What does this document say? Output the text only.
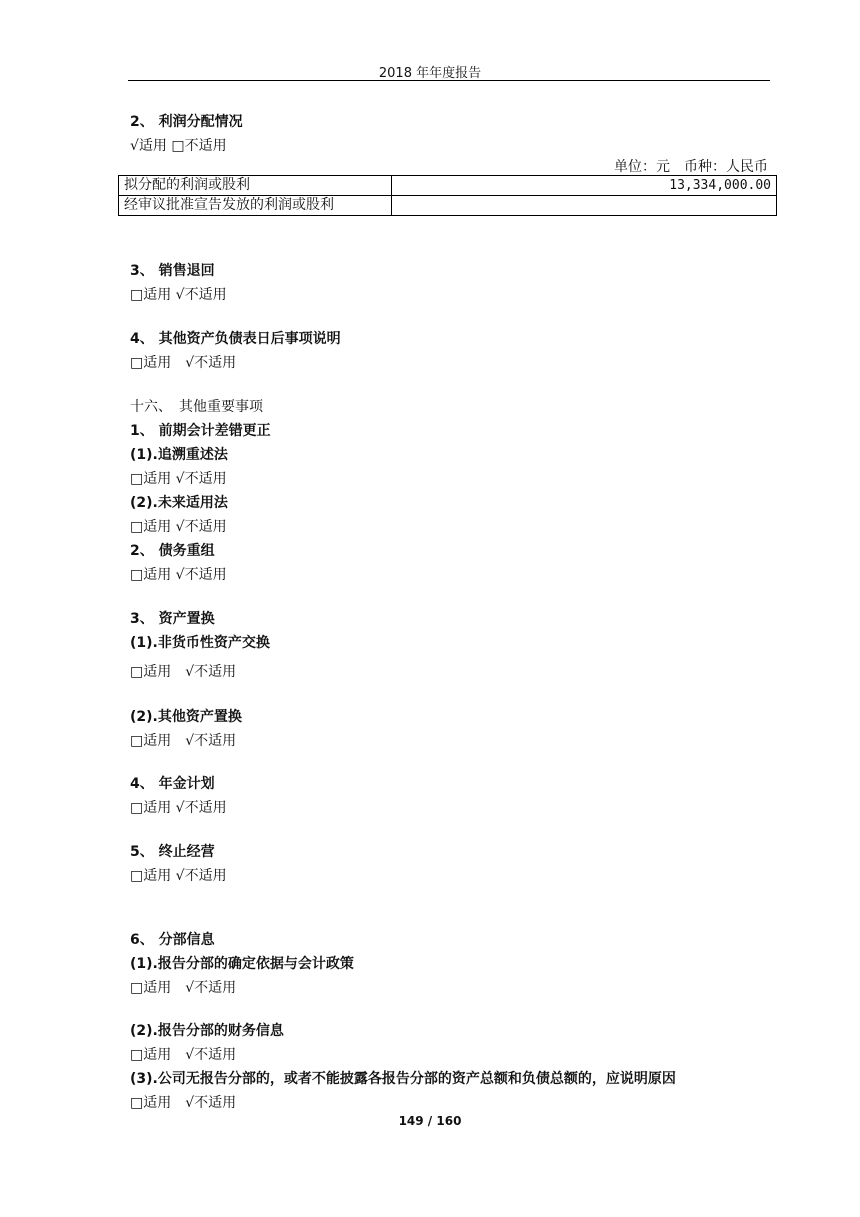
2018 年年度报告
2、 利润分配情况
√适用 □不适用
单位：元　币种：人民币
拟分配的利润或股利	13,334,000.00
经审议批准宣告发放的利润或股利	
3、 销售退回
□适用 √不适用
4、 其他资产负债表日后事项说明
□适用　√不适用
十六、　其他重要事项
1、 前期会计差错更正
(1).追溯重述法
□适用 √不适用
(2).未来适用法
□适用 √不适用
2、 债务重组
□适用 √不适用
3、 资产置换
(1).非货币性资产交换
□适用　√不适用
(2).其他资产置换
□适用　√不适用
4、 年金计划
□适用 √不适用
5、 终止经营
□适用 √不适用
6、 分部信息
(1).报告分部的确定依据与会计政策
□适用　√不适用
(2).报告分部的财务信息
□适用　√不适用
(3).公司无报告分部的，或者不能披露各报告分部的资产总额和负债总额的，应说明原因
□适用　√不适用
149 / 160
